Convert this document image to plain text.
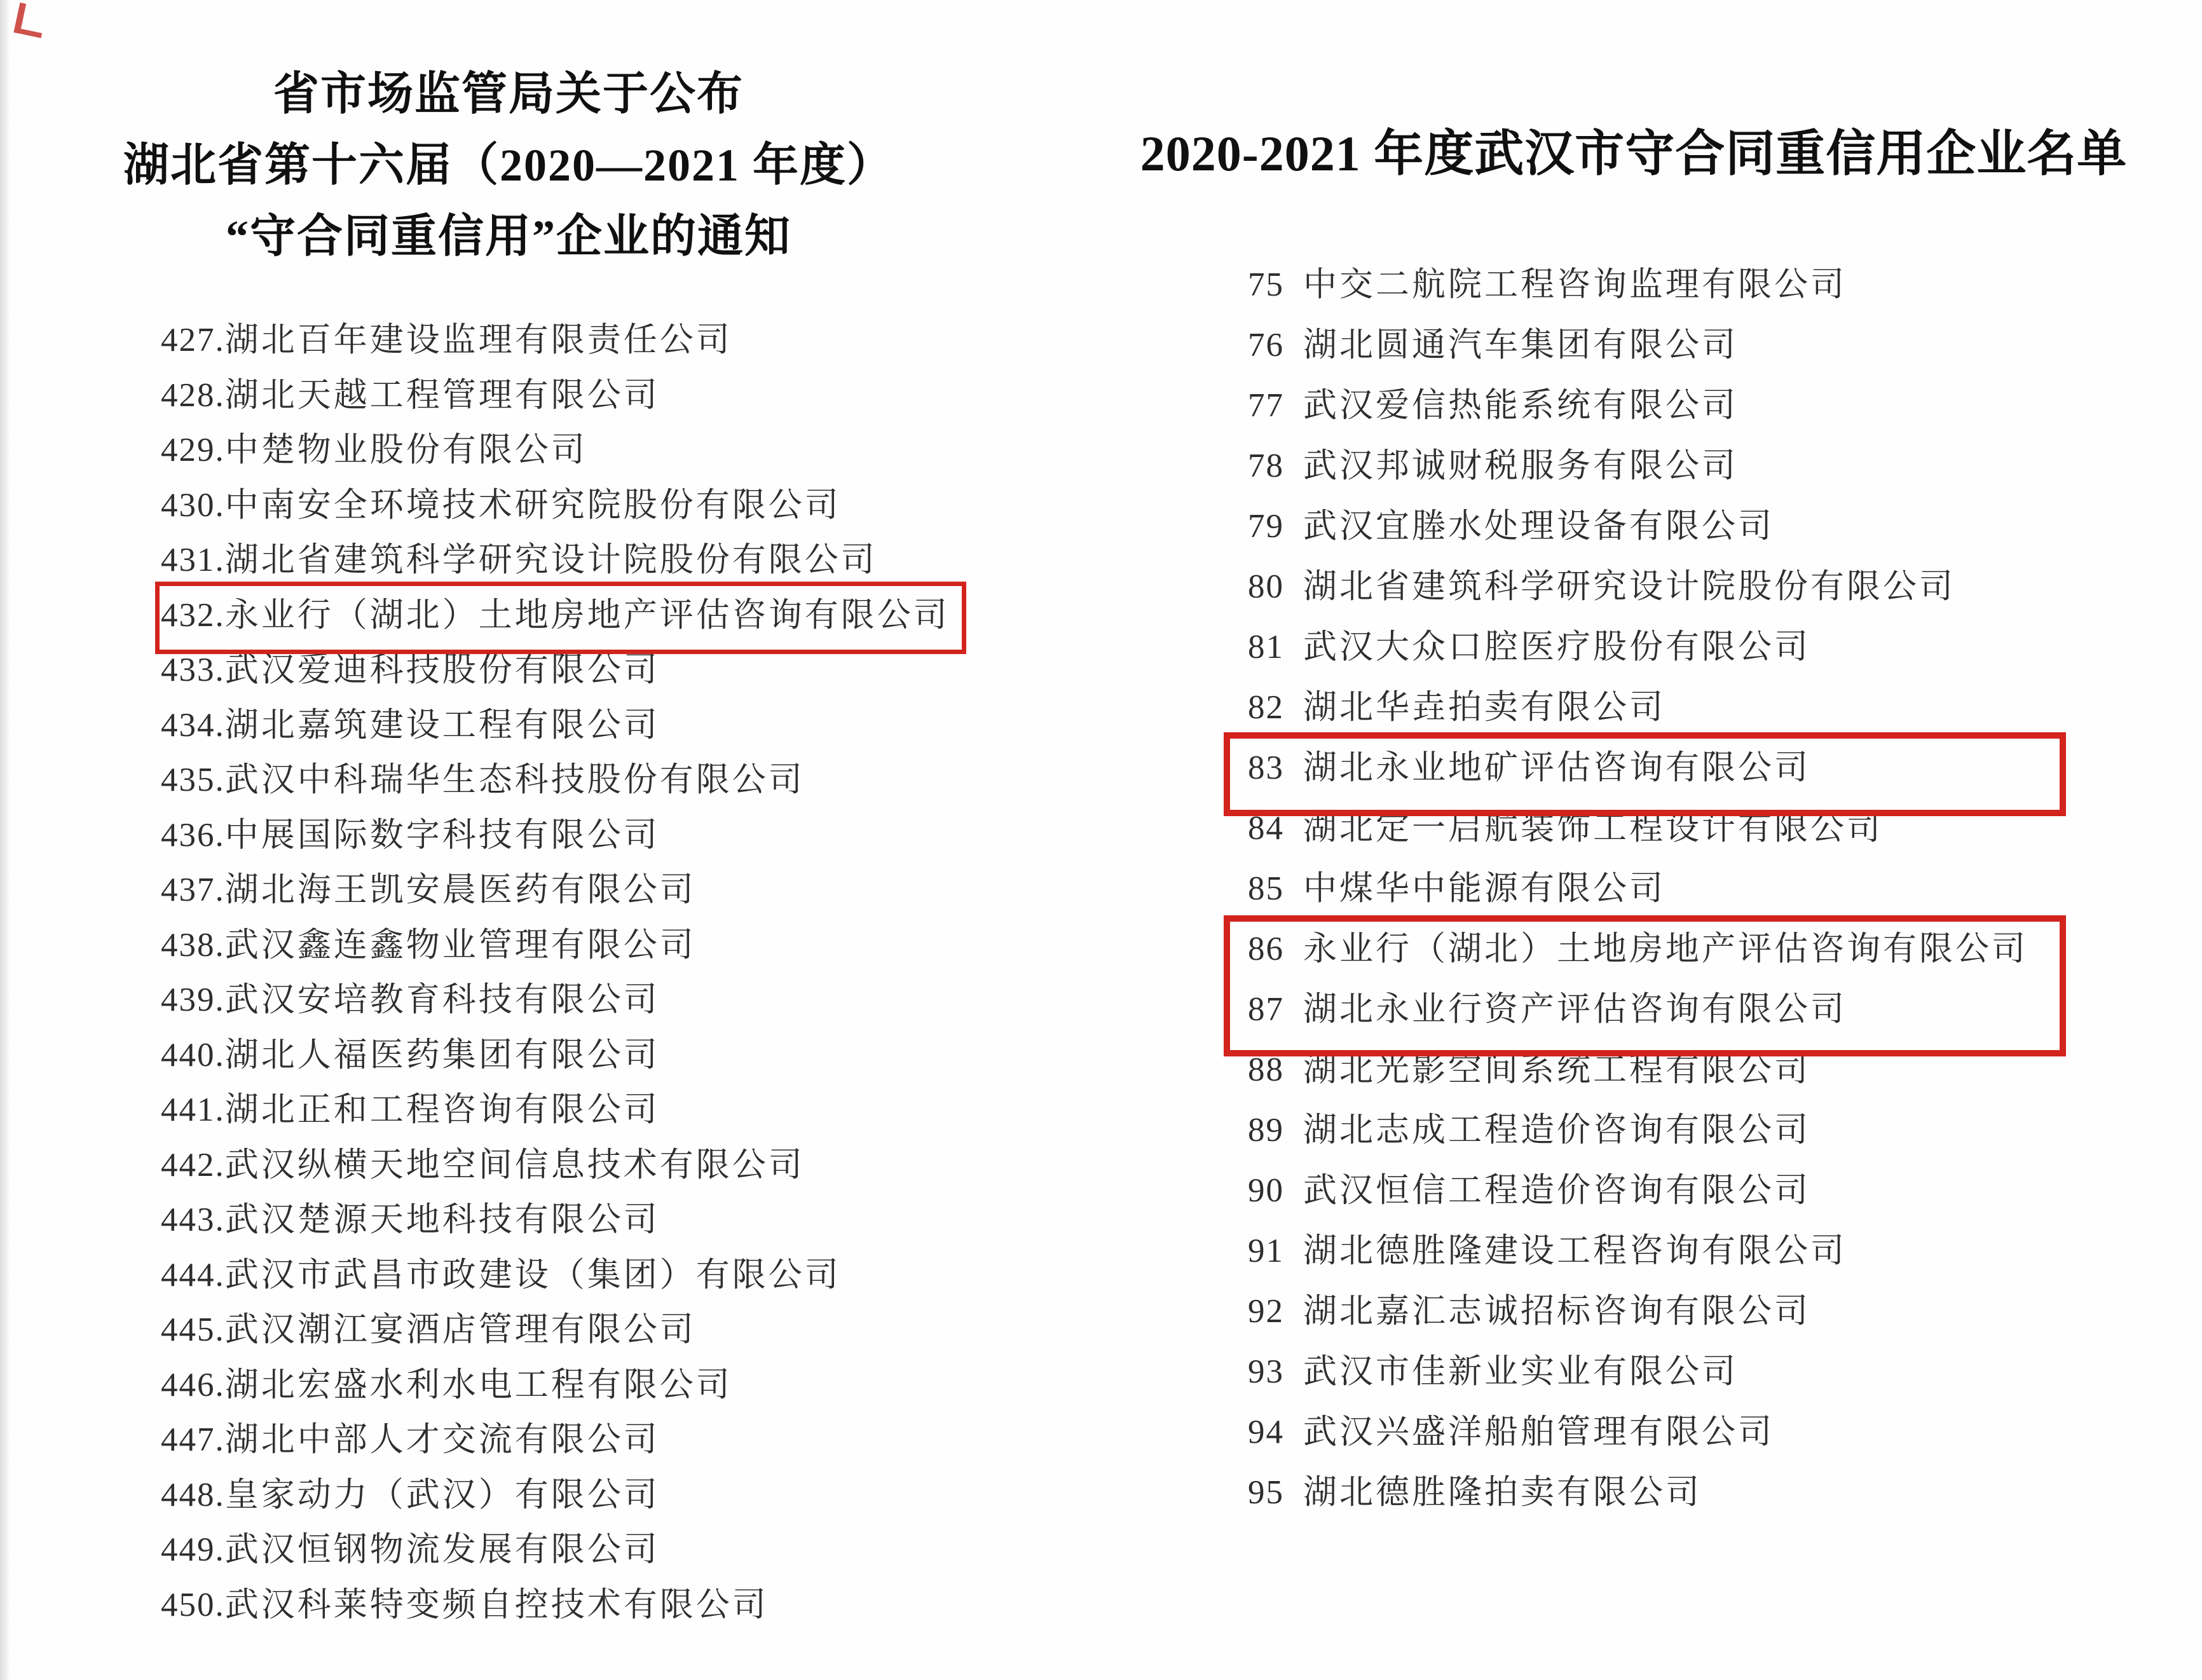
省市场监管局关于公布
湖北省第十六届（2020—2021 年度）
“守合同重信用”企业的通知
427.湖北百年建设监理有限责任公司
428.湖北天越工程管理有限公司
429.中楚物业股份有限公司
430.中南安全环境技术研究院股份有限公司
431.湖北省建筑科学研究设计院股份有限公司
432.永业行（湖北）土地房地产评估咨询有限公司
433.武汉爱迪科技股份有限公司
434.湖北嘉筑建设工程有限公司
435.武汉中科瑞华生态科技股份有限公司
436.中展国际数字科技有限公司
437.湖北海王凯安晨医药有限公司
438.武汉鑫连鑫物业管理有限公司
439.武汉安培教育科技有限公司
440.湖北人福医药集团有限公司
441.湖北正和工程咨询有限公司
442.武汉纵横天地空间信息技术有限公司
443.武汉楚源天地科技有限公司
444.武汉市武昌市政建设（集团）有限公司
445.武汉潮江宴酒店管理有限公司
446.湖北宏盛水利水电工程有限公司
447.湖北中部人才交流有限公司
448.皇家动力（武汉）有限公司
449.武汉恒钢物流发展有限公司
450.武汉科莱特变频自控技术有限公司
2020-2021 年度武汉市守合同重信用企业名单
75 中交二航院工程咨询监理有限公司
76 湖北圆通汽车集团有限公司
77 武汉爱信热能系统有限公司
78 武汉邦诚财税服务有限公司
79 武汉宜塍水处理设备有限公司
80 湖北省建筑科学研究设计院股份有限公司
81 武汉大众口腔医疗股份有限公司
82 湖北华垚拍卖有限公司
83 湖北永业地矿评估咨询有限公司
84 湖北定一启航装饰工程设计有限公司
85 中煤华中能源有限公司
86 永业行（湖北）土地房地产评估咨询有限公司
87 湖北永业行资产评估咨询有限公司
88 湖北光影空间系统工程有限公司
89 湖北志成工程造价咨询有限公司
90 武汉恒信工程造价咨询有限公司
91 湖北德胜隆建设工程咨询有限公司
92 湖北嘉汇志诚招标咨询有限公司
93 武汉市佳新业实业有限公司
94 武汉兴盛洋船舶管理有限公司
95 湖北德胜隆拍卖有限公司
